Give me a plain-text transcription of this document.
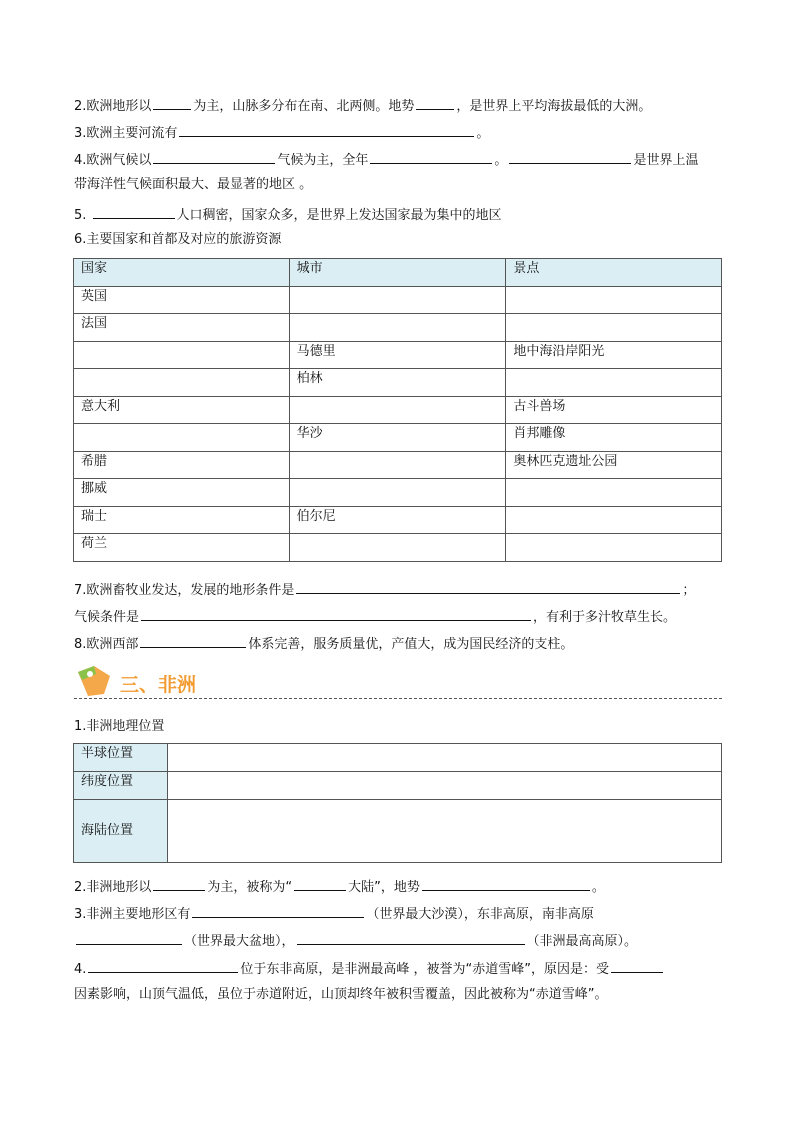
2.欧洲地形以	为主，山脉多分布在南、北两侧。地势	，是世界上平均海拔最低的大洲。
3.欧洲主要河流有	。
4.欧洲气候以	气候为主，全年	。	是世界上温
带海洋性气候面积最大、最显著的地区 。
5.	人口稠密，国家众多，是世界上发达国家最为集中的地区
6.主要国家和首都及对应的旅游资源
国家	城市	景点
英国		
法国		
	马德里	地中海沿岸阳光
	柏林	
意大利		古斗兽场
	华沙	肖邦雕像
希腊		奥林匹克遗址公园
挪威		
瑞士	伯尔尼	
荷兰		
7.欧洲畜牧业发达，发展的地形条件是	；
气候条件是	，有利于多汁牧草生长。
8.欧洲西部	体系完善，服务质量优，产值大，成为国民经济的支柱。
三、非洲
1.非洲地理位置
半球位置	
纬度位置	
海陆位置	
2.非洲地形以	为主，被称为“	大陆”，地势	。
3.非洲主要地形区有	（世界最大沙漠），东非高原，南非高原
（世界最大盆地），	（非洲最高高原）。
4.	位于东非高原，是非洲最高峰 ，被誉为“赤道雪峰”，原因是：受
因素影响，山顶气温低，虽位于赤道附近，山顶却终年被积雪覆盖，因此被称为“赤道雪峰”。
